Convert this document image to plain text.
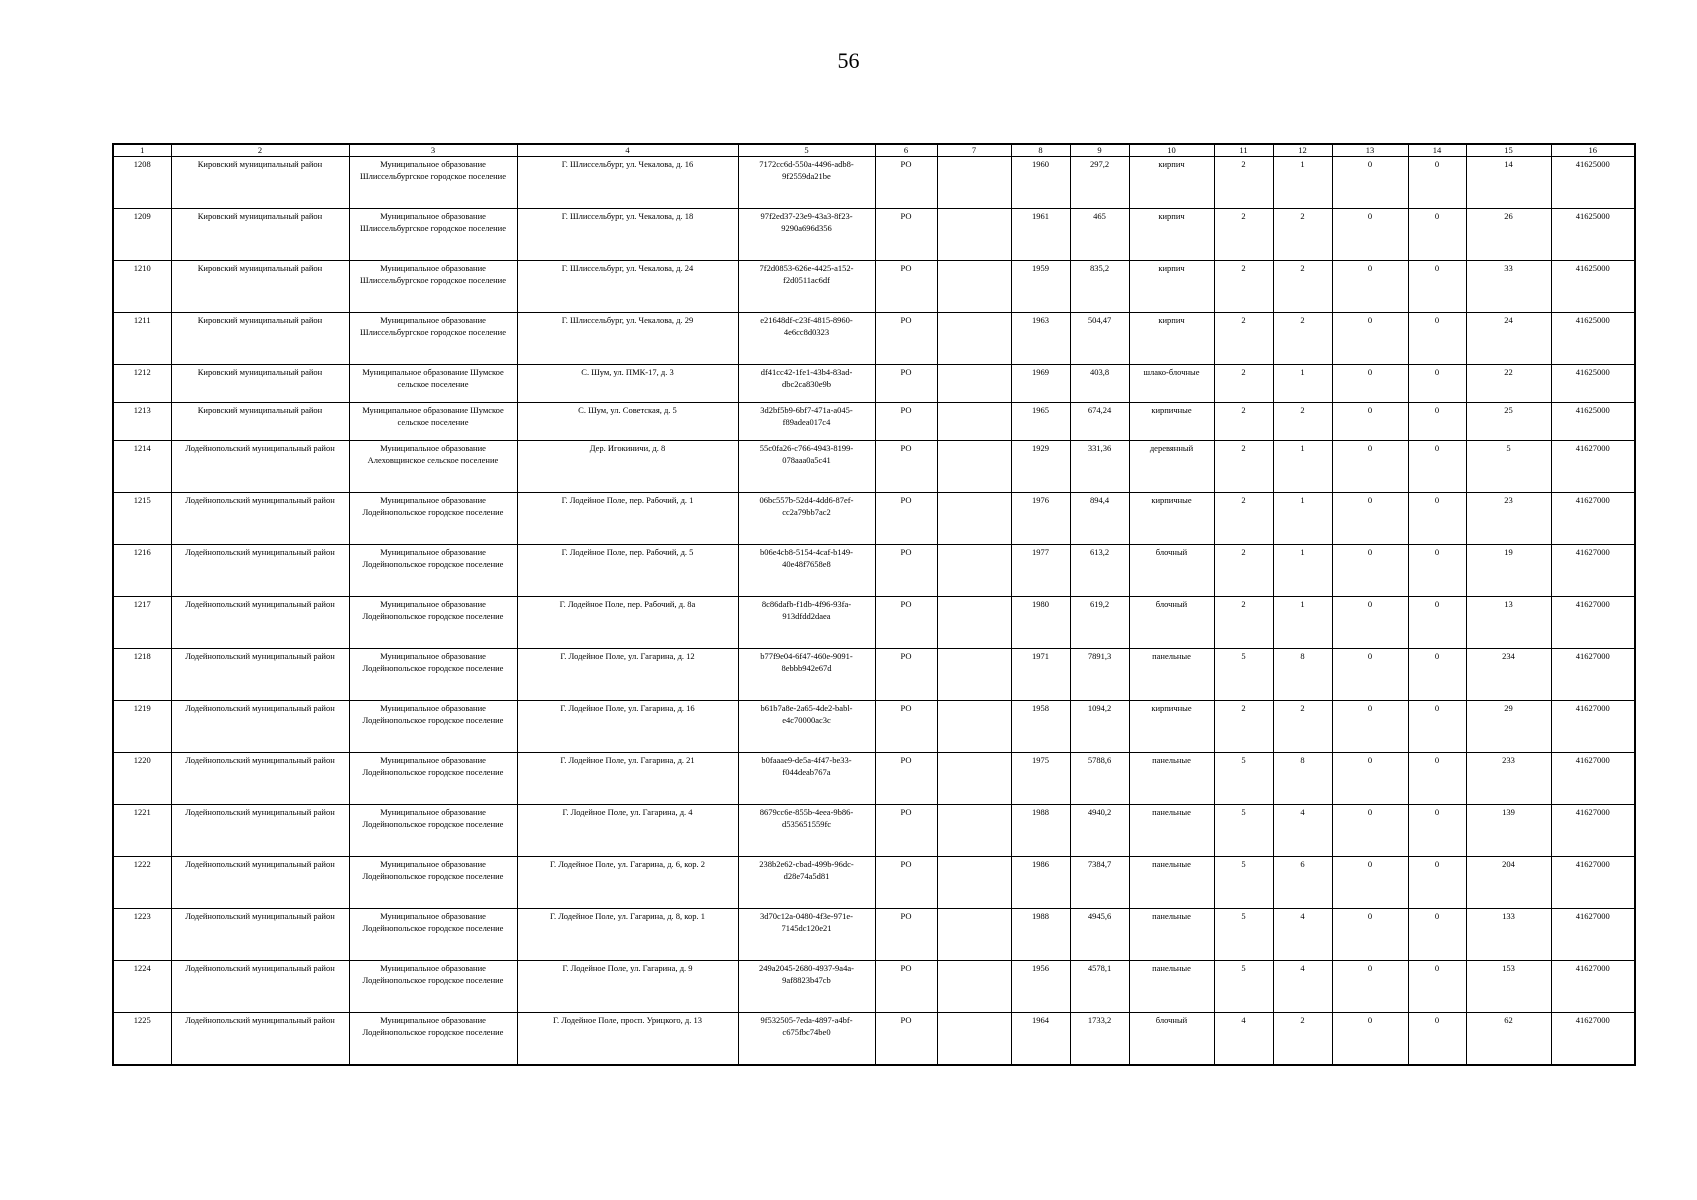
56
1	2	3	4	5	6	7	8	9	10	11	12	13	14	15	16
1208	Кировский муниципальный район	Муниципальное образование Шлиссельбургское городское поселение	Г. Шлиссельбург, ул. Чекалова, д. 16	7172cc6d-550a-4496-adb8-9f2559da21be	РО		1960	297,2	кирпич	2	1	0	0	14	41625000
1209	Кировский муниципальный район	Муниципальное образование Шлиссельбургское городское поселение	Г. Шлиссельбург, ул. Чекалова, д. 18	97f2ed37-23e9-43a3-8f23-9290a696d356	РО		1961	465	кирпич	2	2	0	0	26	41625000
1210	Кировский муниципальный район	Муниципальное образование Шлиссельбургское городское поселение	Г. Шлиссельбург, ул. Чекалова, д. 24	7f2d0853-626e-4425-a152-f2d0511ac6df	РО		1959	835,2	кирпич	2	2	0	0	33	41625000
1211	Кировский муниципальный район	Муниципальное образование Шлиссельбургское городское поселение	Г. Шлиссельбург, ул. Чекалова, д. 29	e21648df-c23f-4815-8960-4e6cc8d0323	РО		1963	504,47	кирпич	2	2	0	0	24	41625000
1212	Кировский муниципальный район	Муниципальное образование Шумское сельское поселение	С. Шум, ул. ПМК-17, д. 3	df41cc42-1fe1-43b4-83ad-dbc2ca830e9b	РО		1969	403,8	шлако-блочные	2	1	0	0	22	41625000
1213	Кировский муниципальный район	Муниципальное образование Шумское сельское поселение	С. Шум, ул. Советская, д. 5	3d2bf5b9-6bf7-471a-a045-f89adea017c4	РО		1965	674,24	кирпичные	2	2	0	0	25	41625000
1214	Лодейнопольский муниципальный район	Муниципальное образование Алеховщинское сельское поселение	Дер. Игокиничи, д. 8	55c0fa26-c766-4943-8199-078aaa0a5c41	РО		1929	331,36	деревянный	2	1	0	0	5	41627000
1215	Лодейнопольский муниципальный район	Муниципальное образование Лодейнопольское городское поселение	Г. Лодейное Поле, пер. Рабочий, д. 1	06bc557b-52d4-4dd6-87ef-cc2a79bb7ac2	РО		1976	894,4	кирпичные	2	1	0	0	23	41627000
1216	Лодейнопольский муниципальный район	Муниципальное образование Лодейнопольское городское поселение	Г. Лодейное Поле, пер. Рабочий, д. 5	b06e4cb8-5154-4caf-b149-40e48f7658e8	РО		1977	613,2	блочный	2	1	0	0	19	41627000
1217	Лодейнопольский муниципальный район	Муниципальное образование Лодейнопольское городское поселение	Г. Лодейное Поле, пер. Рабочий, д. 8а	8c86dafb-f1db-4f96-93fa-913dfdd2daea	РО		1980	619,2	блочный	2	1	0	0	13	41627000
1218	Лодейнопольский муниципальный район	Муниципальное образование Лодейнопольское городское поселение	Г. Лодейное Поле, ул. Гагарина, д. 12	b77f9e04-6f47-460e-9091-8ebbb942e67d	РО		1971	7891,3	панельные	5	8	0	0	234	41627000
1219	Лодейнопольский муниципальный район	Муниципальное образование Лодейнопольское городское поселение	Г. Лодейное Поле, ул. Гагарина, д. 16	b61b7a8e-2a65-4de2-babl-e4c70000ac3c	РО		1958	1094,2	кирпичные	2	2	0	0	29	41627000
1220	Лодейнопольский муниципальный район	Муниципальное образование Лодейнопольское городское поселение	Г. Лодейное Поле, ул. Гагарина, д. 21	b0faaae9-de5a-4f47-be33-f044deab767a	РО		1975	5788,6	панельные	5	8	0	0	233	41627000
1221	Лодейнопольский муниципальный район	Муниципальное образование Лодейнопольское городское поселение	Г. Лодейное Поле, ул. Гагарина, д. 4	8679cc6e-855b-4eea-9b86-d535651559fc	РО		1988	4940,2	панельные	5	4	0	0	139	41627000
1222	Лодейнопольский муниципальный район	Муниципальное образование Лодейнопольское городское поселение	Г. Лодейное Поле, ул. Гагарина, д. 6, кор. 2	238b2e62-cbad-499b-96dc-d28e74a5d81	РО		1986	7384,7	панельные	5	6	0	0	204	41627000
1223	Лодейнопольский муниципальный район	Муниципальное образование Лодейнопольское городское поселение	Г. Лодейное Поле, ул. Гагарина, д. 8, кор. 1	3d70c12a-0480-4f3e-971e-7145dc120e21	РО		1988	4945,6	панельные	5	4	0	0	133	41627000
1224	Лодейнопольский муниципальный район	Муниципальное образование Лодейнопольское городское поселение	Г. Лодейное Поле, ул. Гагарина, д. 9	249a2045-2680-4937-9a4a-9af8823b47cb	РО		1956	4578,1	панельные	5	4	0	0	153	41627000
1225	Лодейнопольский муниципальный район	Муниципальное образование Лодейнопольское городское поселение	Г. Лодейное Поле, просп. Урицкого, д. 13	9f532505-7eda-4897-a4bf-c675fbc74be0	РО		1964	1733,2	блочный	4	2	0	0	62	41627000
